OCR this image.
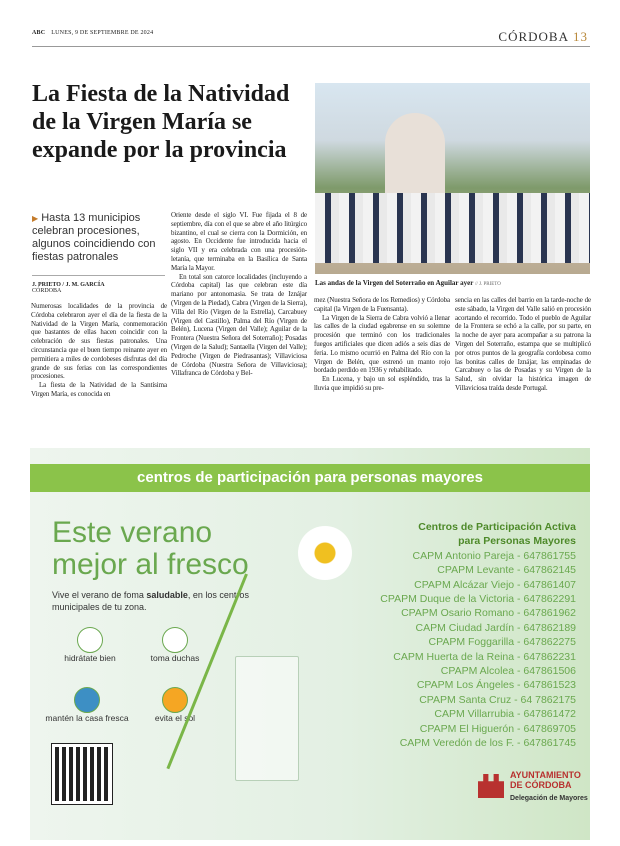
ABC LUNES, 9 DE SEPTIEMBRE DE 2024	CÓRDOBA 13
La Fiesta de la Natividad de la Virgen María se expande por la provincia
Las andas de la Virgen del Soterraño en Aguilar ayer // J. PRIETO
▶ Hasta 13 municipios celebran procesiones, algunos coincidiendo con fiestas patronales
J. PRIETO / J. M. GARCÍA
CÓRDOBA

Numerosas localidades de la provincia de Córdoba celebraron ayer el día de la fiesta de la Natividad de la Virgen María, conmemoración que bastantes de ellas hacen coincidir con la celebración de sus fiestas patronales. Una circunstancia que el buen tiempo reinante ayer en permitiera a miles de cordobeses disfrutas del día grande de sus ferias con las correspondientes procesiones.

La fiesta de la Natividad de la Santísima Virgen María, es conocida en

Oriente desde el siglo VI. Fue fijada el 8 de septiembre, día con el que se abre el año litúrgico bizantino, el cual se cierra con la Dormición, en agosto. En Occidente fue introducida hacia el siglo VII y era celebrada con una procesión-letanía, que terminaba en la Basílica de Santa María la Mayor.

En total son catorce localidades (incluyendo a Córdoba capital) las que celebran este día mariano por antonomasia. Se trata de Iznájar (Virgen de la Piedad), Cabra (Virgen de la Sierra), Villa del Río (Virgen de la Estrella), Carcabuey (Virgen del Castillo), Palma del Río (Virgen de Belén), Lucena (Virgen del Valle); Aguilar de la Frontera (Nuestra Señora del Soterraño); Posadas (Virgen de la Salud); Santaella (Virgen del Valle); Pedroche (Virgen de Piedrasantas); Villaviciosa de Córdoba (Nuestra Señora de Villaviciosa); Villafranca de Córdoba y Bel-

mez (Nuestra Señora de los Remedios) y Córdoba capital (la Virgen de la Fuensanta).

La Virgen de la Sierra de Cabra volvió a llenar las calles de la ciudad egabrense en su solemne procesión que terminó con los tradicionales fuegos artificiales que dicen adiós a seis días de feria. Lo mismo ocurrió en Palma del Río con la Virgen de Belén, que estrenó un manto rojo bordado perdido en 1936 y rehabilitado.

En Lucena, y bajo un sol espléndido, tras la lluvia que impidió su pre-

sencia en las calles del barrio en la tarde-noche de este sábado, la Virgen del Valle salió en procesión acortando el recorrido. Todo el pueblo de Aguilar de la Frontera se echó a la calle, por su parte, en la noche de ayer para acompañar a su patrona la Virgen del Soterraño, estampa que se multiplicó por otros puntos de la geografía cordobesa como las bonitas calles de Iznájar, las empinadas de Carcabuey o las de Posadas y su Virgen de la Salud, sin olvidar la histórica imagen de Villaviciosa traída desde Portugal.

centros de participación para personas mayores
Este verano
mejor al fresco
Vive el verano de foma saludable, en los centros municipales de tu zona.
hidrátate bien	toma duchas
mantén la casa fresca	evita el sol
Centros de Participación Activa
para Personas Mayores
CAPM Antonio Pareja - 647861755
CPAPM Levante - 647862145
CPAPM Alcázar Viejo - 647861407
CPAPM Duque de la Victoria - 647862291
CPAPM Osario Romano - 647861962
CAPM Ciudad Jardín - 647862189
CPAPM Foggarilla - 647862275
CAPM Huerta de la Reina - 647862231
CPAPM Alcolea - 647861506
CPAPM Los Ángeles - 647861523
CPAPM Santa Cruz - 64 7862175
CAPM Villarrubia - 647861472
CPAPM El Higuerón - 647869705
CAPM Veredón de los F. - 647861745
AYUNTAMIENTO
DE CÓRDOBA
Delegación de Mayores
